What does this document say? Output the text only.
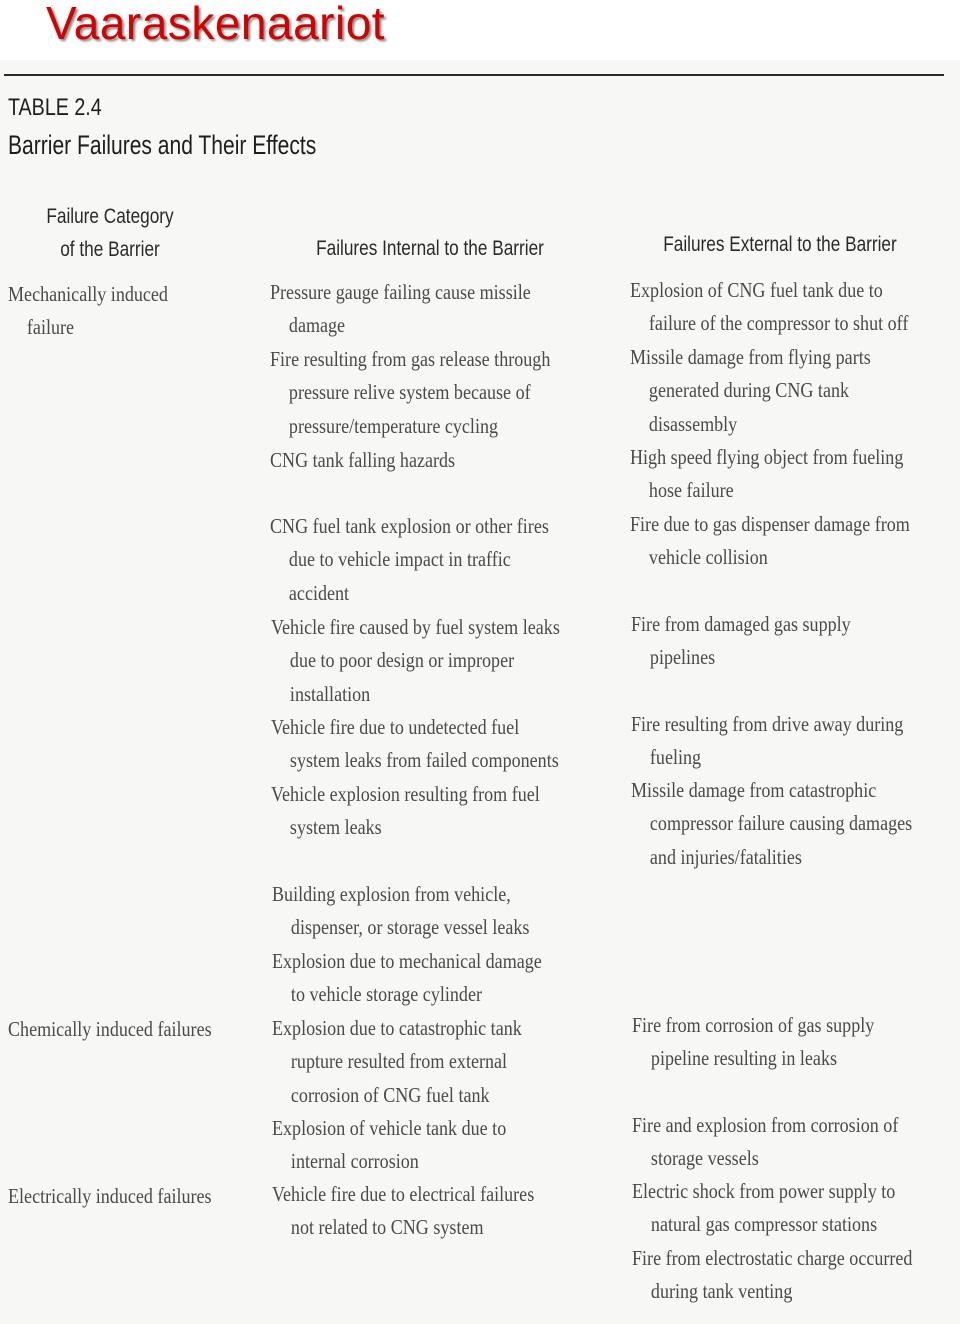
Vaaraskenaariot
TABLE 2.4
Barrier Failures and Their Effects
Failure Category
of the Barrier	Failures Internal to the Barrier	Failures External to the Barrier
Mechanically induced
failure
Chemically induced failures
Electrically induced failures
Pressure gauge failing cause missile
damage
Fire resulting from gas release through
pressure relive system because of
pressure/temperature cycling
CNG tank falling hazards
CNG fuel tank explosion or other fires
due to vehicle impact in traffic
accident
Vehicle fire caused by fuel system leaks
due to poor design or improper
installation
Vehicle fire due to undetected fuel
system leaks from failed components
Vehicle explosion resulting from fuel
system leaks
Building explosion from vehicle,
dispenser, or storage vessel leaks
Explosion due to mechanical damage
to vehicle storage cylinder
Explosion due to catastrophic tank
rupture resulted from external
corrosion of CNG fuel tank
Explosion of vehicle tank due to
internal corrosion
Vehicle fire due to electrical failures
not related to CNG system
Explosion of CNG fuel tank due to
failure of the compressor to shut off
Missile damage from flying parts
generated during CNG tank
disassembly
High speed flying object from fueling
hose failure
Fire due to gas dispenser damage from
vehicle collision
Fire from damaged gas supply
pipelines
Fire resulting from drive away during
fueling
Missile damage from catastrophic
compressor failure causing damages
and injuries/fatalities
Fire from corrosion of gas supply
pipeline resulting in leaks
Fire and explosion from corrosion of
storage vessels
Electric shock from power supply to
natural gas compressor stations
Fire from electrostatic charge occurred
during tank venting
